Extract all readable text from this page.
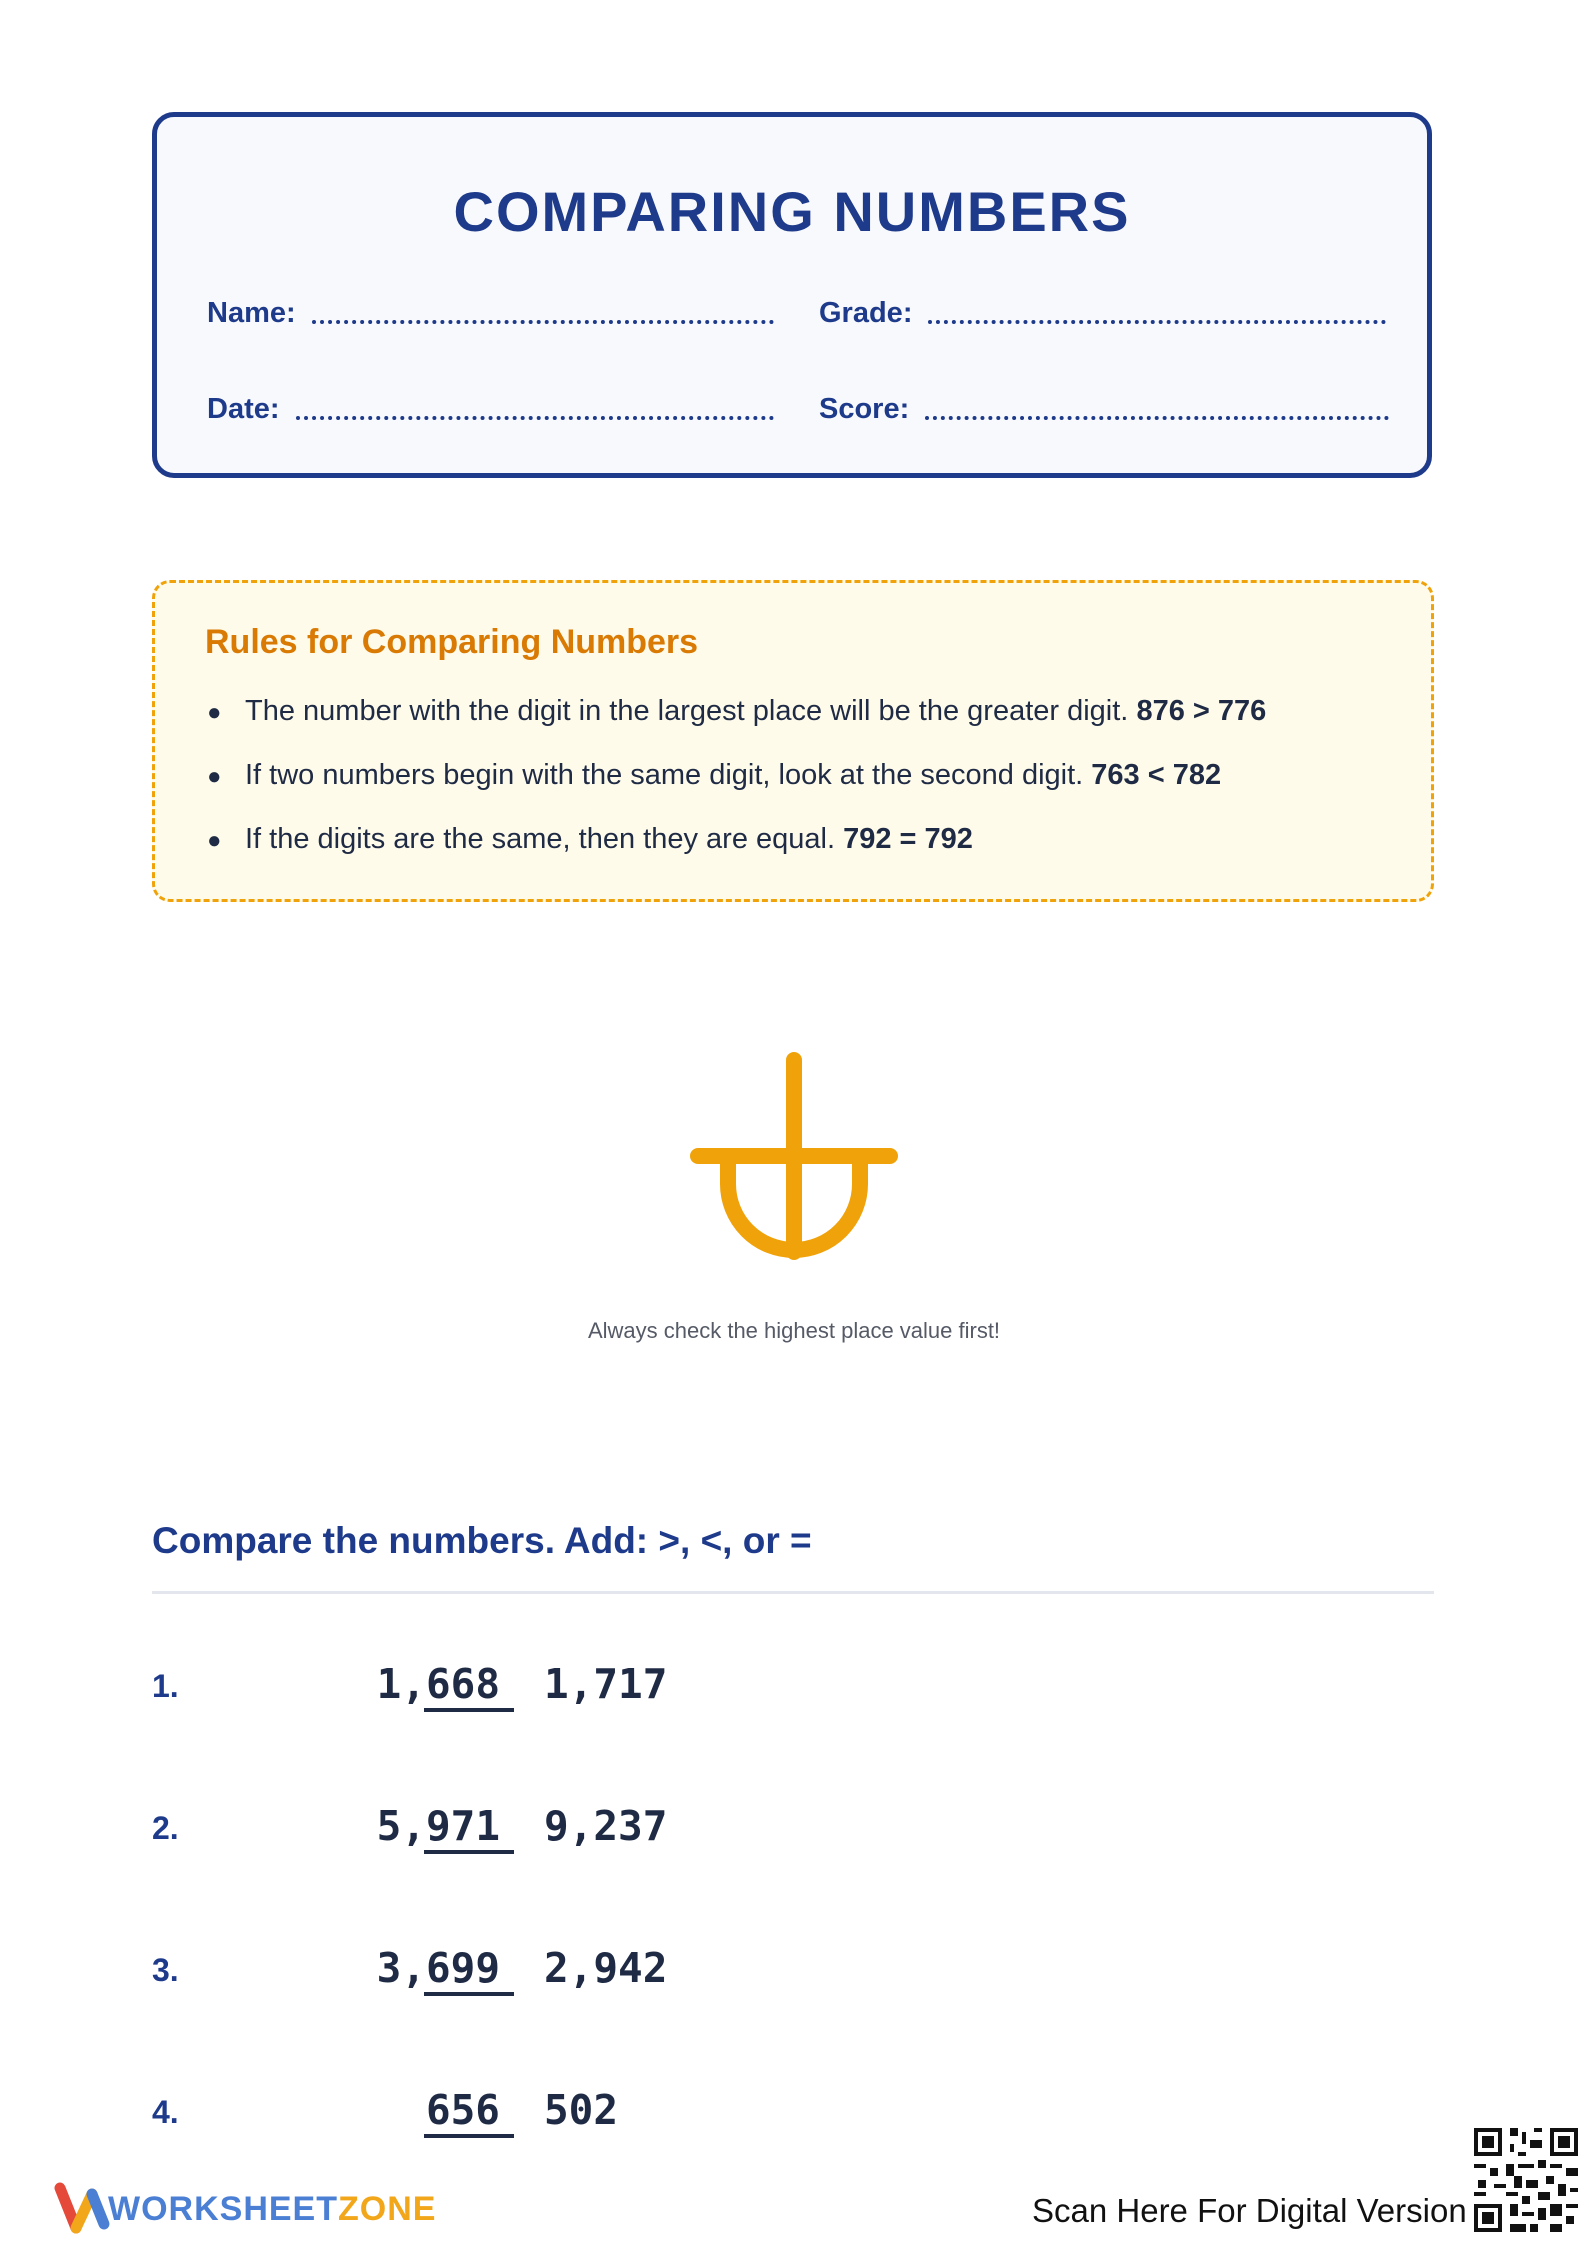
COMPARING NUMBERS
Name:	Grade:
Date:	Score:
Rules for Comparing Numbers
● The number with the digit in the largest place will be the greater digit. 876 > 776
● If two numbers begin with the same digit, look at the second digit. 763 < 782
● If the digits are the same, then they are equal. 792 = 792
Always check the highest place value first!
Compare the numbers. Add: >, <, or =
1.	1,668 1,717
2.	5,971 9,237
3.	3,699 2,942
4.	656 502
WORKSHEETZONE	Scan Here For Digital Version
